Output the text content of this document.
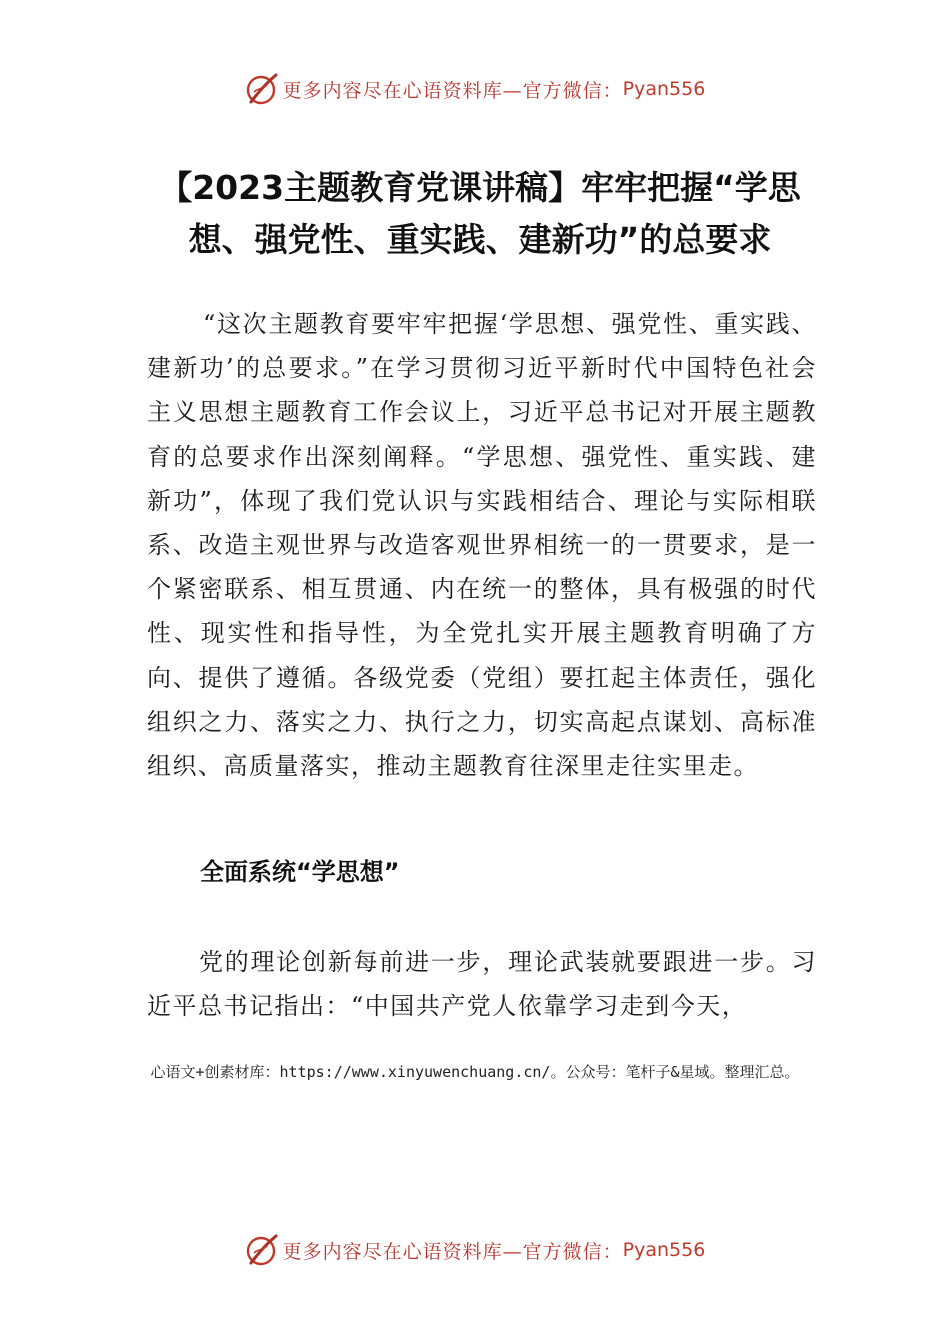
更多内容尽在心语资料库—官方微信： Pyan556
【2023主题教育党课讲稿】牢牢把握“学思想、强党性、重实践、建新功”的总要求

“这次主题教育要牢牢把握‘学思想、强党性、重实践、建新功’的总要求。”在学习贯彻习近平新时代中国特色社会主义思想主题教育工作会议上，习近平总书记对开展主题教育的总要求作出深刻阐释。“学思想、强党性、重实践、建新功”，体现了我们党认识与实践相结合、理论与实际相联系、改造主观世界与改造客观世界相统一的一贯要求，是一个紧密联系、相互贯通、内在统一的整体，具有极强的时代性、现实性和指导性，为全党扎实开展主题教育明确了方向、提供了遵循。各级党委（党组）要扛起主体责任，强化组织之力、落实之力、执行之力，切实高起点谋划、高标准组织、高质量落实，推动主题教育往深里走往实里走。

全面系统“学思想”

党的理论创新每前进一步，理论武装就要跟进一步。习近平总书记指出：“中国共产党人依靠学习走到今天，

心语文+创素材库：https://www.xinyuwenchuang.cn/。公众号：笔杆子&星域。整理汇总。
更多内容尽在心语资料库—官方微信： Pyan556
